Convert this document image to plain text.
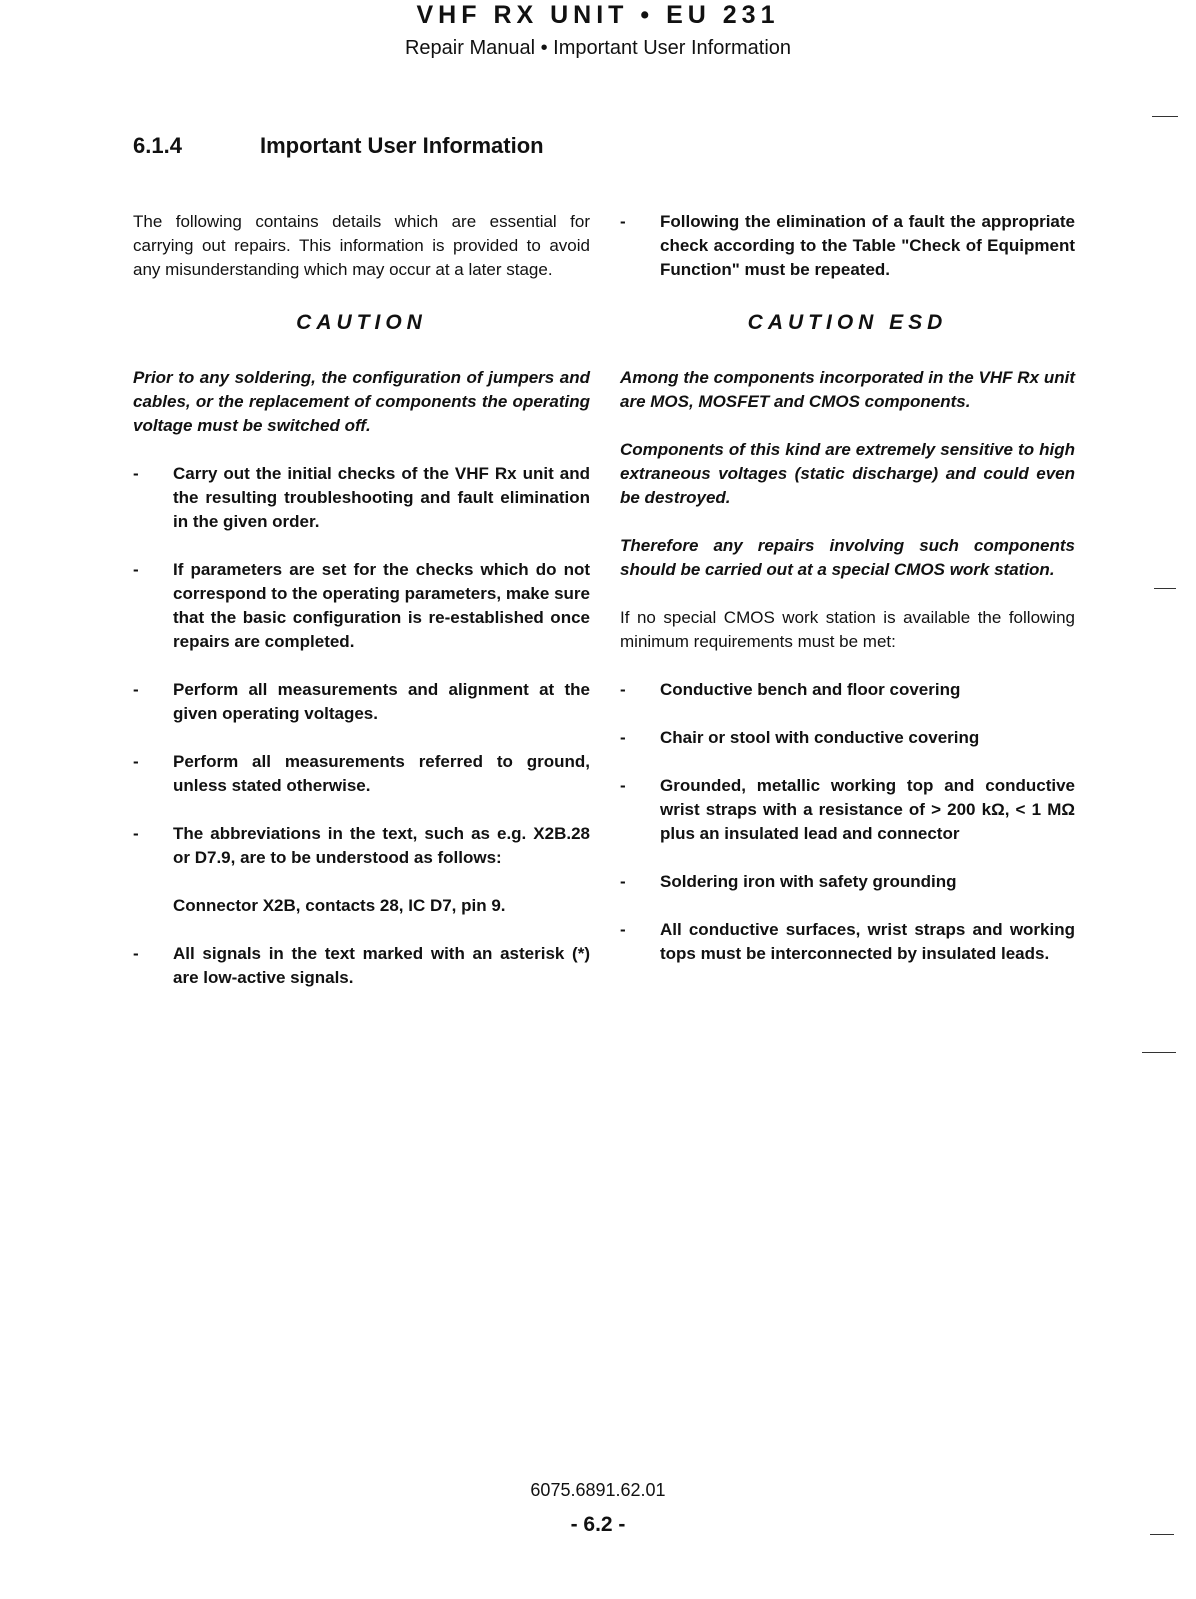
VHF RX UNIT • EU 231
Repair Manual • Important User Information
6.1.4	Important User Information

The following contains details which are essential for carrying out repairs. This information is provided to avoid any misunderstanding which may occur at a later stage.

CAUTION

Prior to any soldering, the configuration of jumpers and cables, or the replacement of components the operating voltage must be switched off.

-	Carry out the initial checks of the VHF Rx unit and the resulting troubleshooting and fault elimination in the given order.
-	If parameters are set for the checks which do not correspond to the operating parameters, make sure that the basic configuration is re-established once repairs are completed.
-	Perform all measurements and alignment at the given operating voltages.
-	Perform all measurements referred to ground, unless stated otherwise.
-	The abbreviations in the text, such as e.g. X2B.28 or D7.9, are to be understood as follows:
Connector X2B, contacts 28, IC D7, pin 9.
-	All signals in the text marked with an asterisk (*) are low-active signals.
-	Following the elimination of a fault the appropriate check according to the Table "Check of Equipment Function" must be repeated.
CAUTION ESD

Among the components incorporated in the VHF Rx unit are MOS, MOSFET and CMOS components.

Components of this kind are extremely sensitive to high extraneous voltages (static discharge) and could even be destroyed.

Therefore any repairs involving such components should be carried out at a special CMOS work station.

If no special CMOS work station is available the following minimum requirements must be met:

-	Conductive bench and floor covering
-	Chair or stool with conductive covering
-	Grounded, metallic working top and conductive wrist straps with a resistance of > 200 kΩ, < 1 MΩ plus an insulated lead and connector
-	Soldering iron with safety grounding
-	All conductive surfaces, wrist straps and working tops must be interconnected by insulated leads.
6075.6891.62.01
- 6.2 -
